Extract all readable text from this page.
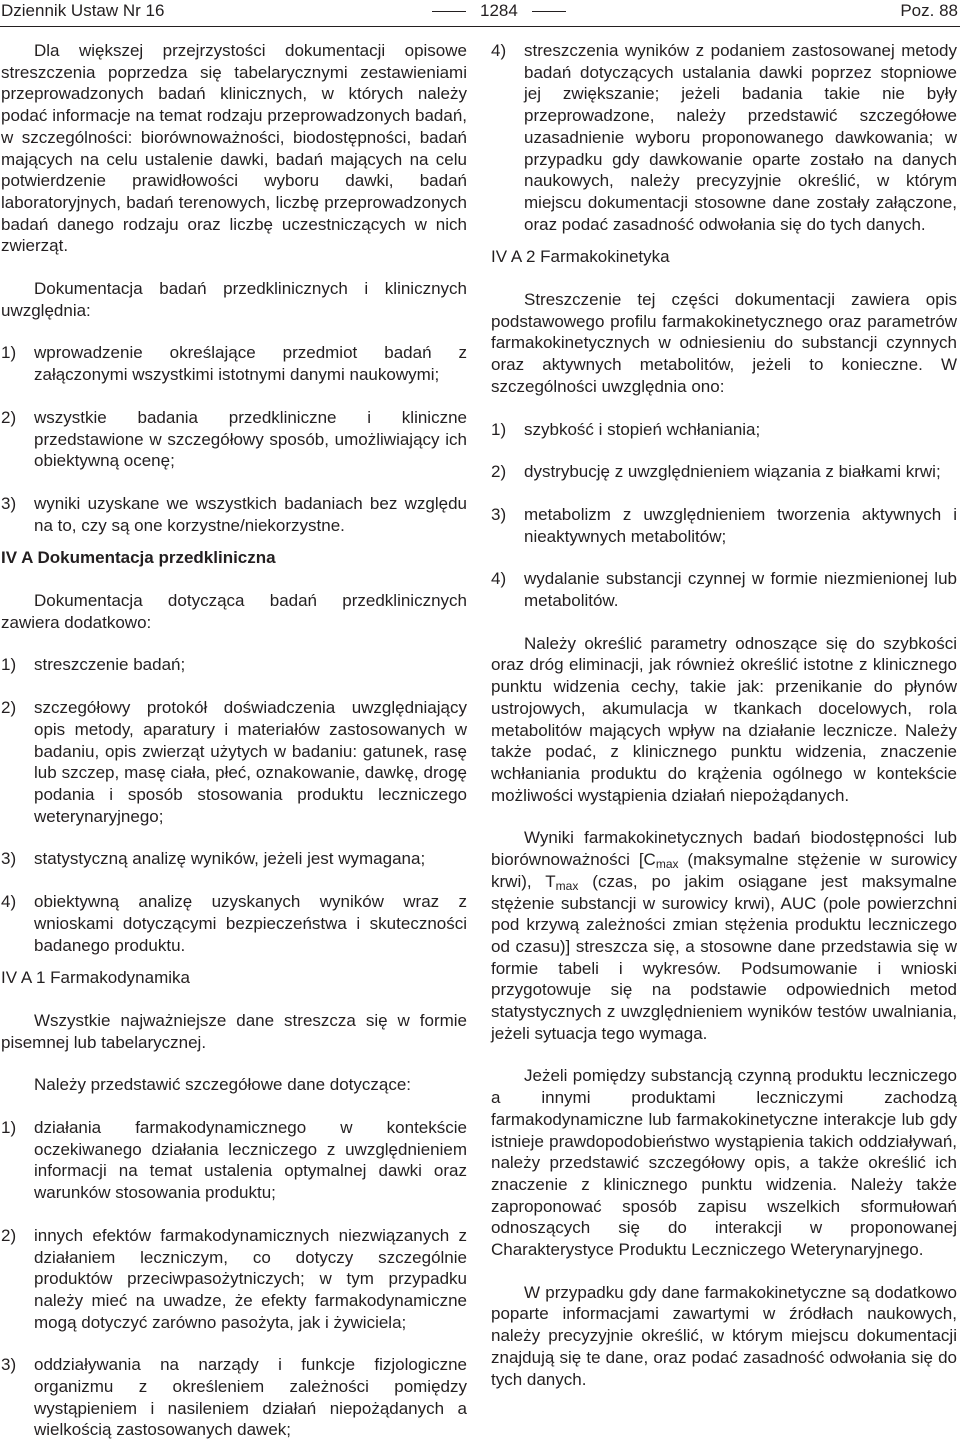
Dziennik Ustaw Nr 16	1284	Poz. 88

Dla większej przejrzystości dokumentacji opisowe streszczenia poprzedza się tabelarycznymi zestawieniami przeprowadzonych badań klinicznych, w których należy podać informacje na temat rodzaju przeprowadzonych badań, w szczególności: biorównoważności, biodostępności, badań mających na celu ustalenie dawki, badań mających na celu potwierdzenie prawidłowości wyboru dawki, badań laboratoryjnych, badań terenowych, liczbę przeprowadzonych badań danego rodzaju oraz liczbę uczestniczących w nich zwierząt.

Dokumentacja badań przedklinicznych i klinicznych uwzględnia:

1)	wprowadzenie określające przedmiot badań z załączonymi wszystkimi istotnymi danymi naukowymi;
2)	wszystkie badania przedkliniczne i kliniczne przedstawione w szczegółowy sposób, umożliwiający ich obiektywną ocenę;
3)	wyniki uzyskane we wszystkich badaniach bez względu na to, czy są one korzystne/niekorzystne.
IV A Dokumentacja przedkliniczna

Dokumentacja dotycząca badań przedklinicznych zawiera dodatkowo:

1)	streszczenie badań;
2)	szczegółowy protokół doświadczenia uwzględniający opis metody, aparatury i materiałów zastosowanych w badaniu, opis zwierząt użytych w badaniu: gatunek, rasę lub szczep, masę ciała, płeć, oznakowanie, dawkę, drogę podania i sposób stosowania produktu leczniczego weterynaryjnego;
3)	statystyczną analizę wyników, jeżeli jest wymagana;
4)	obiektywną analizę uzyskanych wyników wraz z wnioskami dotyczącymi bezpieczeństwa i skuteczności badanego produktu.
IV A 1 Farmakodynamika

Wszystkie najważniejsze dane streszcza się w formie pisemnej lub tabelarycznej.

Należy przedstawić szczegółowe dane dotyczące:

1)	działania farmakodynamicznego w kontekście oczekiwanego działania leczniczego z uwzględnieniem informacji na temat ustalenia optymalnej dawki oraz warunków stosowania produktu;
2)	innych efektów farmakodynamicznych niezwiązanych z działaniem leczniczym, co dotyczy szczególnie produktów przeciwpasożytniczych; w tym przypadku należy mieć na uwadze, że efekty farmakodynamiczne mogą dotyczyć zarówno pasożyta, jak i żywiciela;
3)	oddziaływania na narządy i funkcje fizjologiczne organizmu z określeniem zależności pomiędzy wystąpieniem i nasileniem działań niepożądanych a wielkością zastosowanych dawek;
4)	streszczenia wyników z podaniem zastosowanej metody badań dotyczących ustalania dawki poprzez stopniowe jej zwiększanie; jeżeli badania takie nie były przeprowadzone, należy przedstawić szczegółowe uzasadnienie wyboru proponowanego dawkowania; w przypadku gdy dawkowanie oparte zostało na danych naukowych, należy precyzyjnie określić, w którym miejscu dokumentacji stosowne dane zostały załączone, oraz podać zasadność odwołania się do tych danych.
IV A 2 Farmakokinetyka

Streszczenie tej części dokumentacji zawiera opis podstawowego profilu farmakokinetycznego oraz parametrów farmakokinetycznych w odniesieniu do substancji czynnych oraz aktywnych metabolitów, jeżeli to konieczne. W szczególności uwzględnia ono:

1)	szybkość i stopień wchłaniania;
2)	dystrybucję z uwzględnieniem wiązania z białkami krwi;
3)	metabolizm z uwzględnieniem tworzenia aktywnych i nieaktywnych metabolitów;
4)	wydalanie substancji czynnej w formie niezmienionej lub metabolitów.

Należy określić parametry odnoszące się do szybkości oraz dróg eliminacji, jak również określić istotne z klinicznego punktu widzenia cechy, takie jak: przenikanie do płynów ustrojowych, akumulacja w tkankach docelowych, rola metabolitów mających wpływ na działanie lecznicze. Należy także podać, z klinicznego punktu widzenia, znaczenie wchłaniania produktu do krążenia ogólnego w kontekście możliwości wystąpienia działań niepożądanych.

Wyniki farmakokinetycznych badań biodostępności lub biorównoważności [$C_{max}$ (maksymalne stężenie w surowicy krwi), $T_{max}$ (czas, po jakim osiągane jest maksymalne stężenie substancji w surowicy krwi), AUC (pole powierzchni pod krzywą zależności zmian stężenia produktu leczniczego od czasu)] streszcza się, a stosowne dane przedstawia się w formie tabeli i wykresów. Podsumowanie i wnioski przygotowuje się na podstawie odpowiednich metod statystycznych z uwzględnieniem wyników testów uwalniania, jeżeli sytuacja tego wymaga.

Jeżeli pomiędzy substancją czynną produktu leczniczego a innymi produktami leczniczymi zachodzą farmakodynamiczne lub farmakokinetyczne interakcje lub gdy istnieje prawdopodobieństwo wystąpienia takich oddziaływań, należy przedstawić szczegółowy opis, a także określić ich znaczenie z klinicznego punktu widzenia. Należy także zaproponować sposób zapisu wszelkich sformułowań odnoszących się do interakcji w proponowanej Charakterystyce Produktu Leczniczego Weterynaryjnego.

W przypadku gdy dane farmakokinetyczne są dodatkowo poparte informacjami zawartymi w źródłach naukowych, należy precyzyjnie określić, w którym miejscu dokumentacji znajdują się te dane, oraz podać zasadność odwołania się do tych danych.
